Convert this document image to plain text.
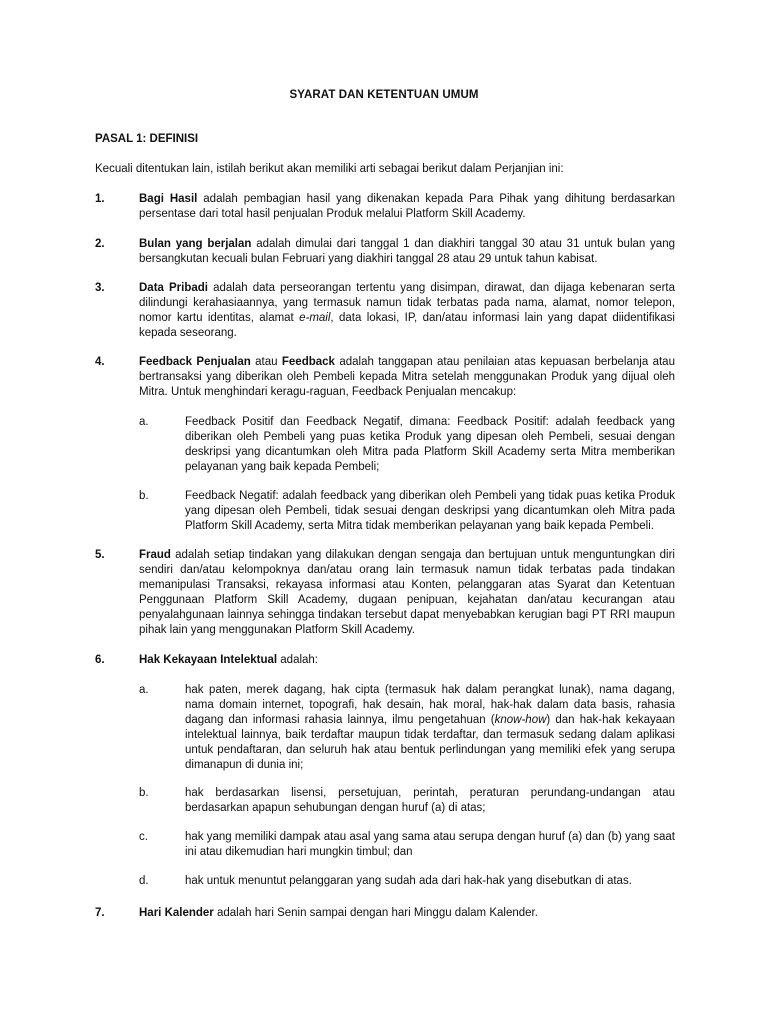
SYARAT DAN KETENTUAN UMUM
PASAL 1: DEFINISI
Kecuali ditentukan lain, istilah berikut akan memiliki arti sebagai berikut dalam Perjanjian ini:
1.	Bagi Hasil adalah pembagian hasil yang dikenakan kepada Para Pihak yang dihitung berdasarkan persentase dari total hasil penjualan Produk melalui Platform Skill Academy.
2.	Bulan yang berjalan adalah dimulai dari tanggal 1 dan diakhiri tanggal 30 atau 31 untuk bulan yang bersangkutan kecuali bulan Februari yang diakhiri tanggal 28 atau 29 untuk tahun kabisat.
3.	Data Pribadi adalah data perseorangan tertentu yang disimpan, dirawat, dan dijaga kebenaran serta dilindungi kerahasiaannya, yang termasuk namun tidak terbatas pada nama, alamat, nomor telepon, nomor kartu identitas, alamat e-mail, data lokasi, IP, dan/atau informasi lain yang dapat diidentifikasi kepada seseorang.
4.	Feedback Penjualan atau Feedback adalah tanggapan atau penilaian atas kepuasan berbelanja atau bertransaksi yang diberikan oleh Pembeli kepada Mitra setelah menggunakan Produk yang dijual oleh Mitra. Untuk menghindari keragu-raguan, Feedback Penjualan mencakup:
a.	Feedback Positif dan Feedback Negatif, dimana: Feedback Positif: adalah feedback yang diberikan oleh Pembeli yang puas ketika Produk yang dipesan oleh Pembeli, sesuai dengan deskripsi yang dicantumkan oleh Mitra pada Platform Skill Academy serta Mitra memberikan pelayanan yang baik kepada Pembeli;
b.	Feedback Negatif: adalah feedback yang diberikan oleh Pembeli yang tidak puas ketika Produk yang dipesan oleh Pembeli, tidak sesuai dengan deskripsi yang dicantumkan oleh Mitra pada Platform Skill Academy, serta Mitra tidak memberikan pelayanan yang baik kepada Pembeli.
5.	Fraud adalah setiap tindakan yang dilakukan dengan sengaja dan bertujuan untuk menguntungkan diri sendiri dan/atau kelompoknya dan/atau orang lain termasuk namun tidak terbatas pada tindakan memanipulasi Transaksi, rekayasa informasi atau Konten, pelanggaran atas Syarat dan Ketentuan Penggunaan Platform Skill Academy, dugaan penipuan, kejahatan dan/atau kecurangan atau penyalahgunaan lainnya sehingga tindakan tersebut dapat menyebabkan kerugian bagi PT RRI maupun pihak lain yang menggunakan Platform Skill Academy.
6.	Hak Kekayaan Intelektual adalah:
a.	hak paten, merek dagang, hak cipta (termasuk hak dalam perangkat lunak), nama dagang, nama domain internet, topografi, hak desain, hak moral, hak-hak dalam data basis, rahasia dagang dan informasi rahasia lainnya, ilmu pengetahuan (know-how) dan hak-hak kekayaan intelektual lainnya, baik terdaftar maupun tidak terdaftar, dan termasuk sedang dalam aplikasi untuk pendaftaran, dan seluruh hak atau bentuk perlindungan yang memiliki efek yang serupa dimanapun di dunia ini;
b.	hak berdasarkan lisensi, persetujuan, perintah, peraturan perundang-undangan atau berdasarkan apapun sehubungan dengan huruf (a) di atas;
c.	hak yang memiliki dampak atau asal yang sama atau serupa dengan huruf (a) dan (b) yang saat ini atau dikemudian hari mungkin timbul; dan
d.	hak untuk menuntut pelanggaran yang sudah ada dari hak-hak yang disebutkan di atas.
7.	Hari Kalender adalah hari Senin sampai dengan hari Minggu dalam Kalender.
